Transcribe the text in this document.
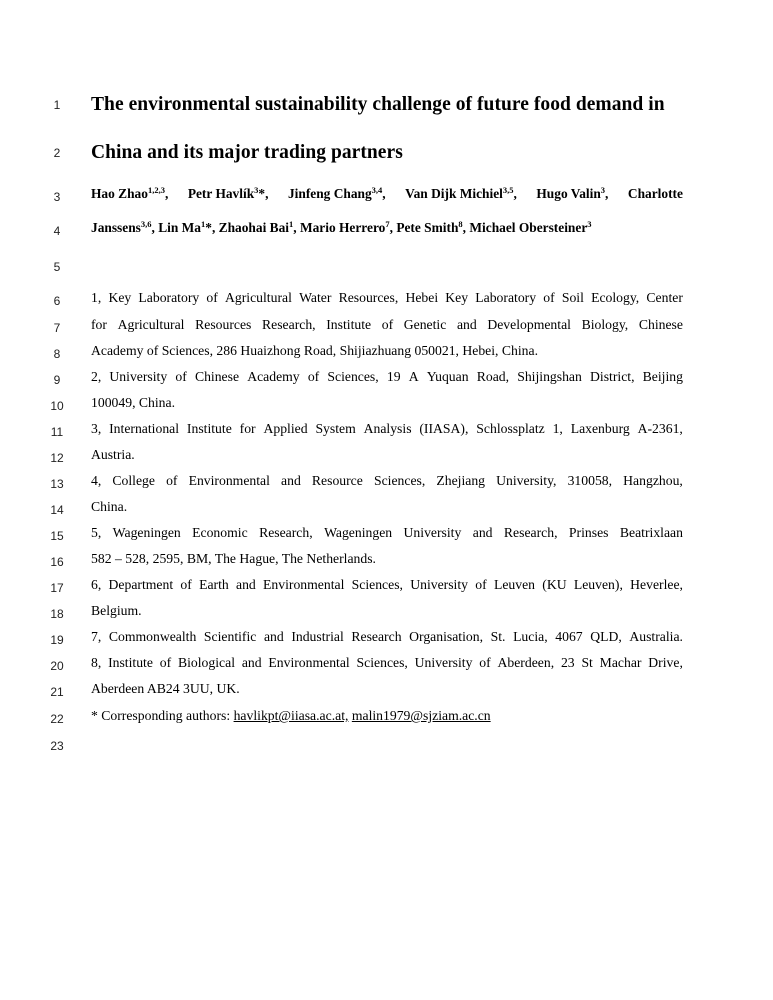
1
2
3
4
5
6
7
8
9
10
11
12
13
14
15
16
17
18
19
20
21
22
23
The environmental sustainability challenge of future food demand in
China and its major trading partners
Hao Zhao$^{1,2,3}$, Petr Havlík$^3$*, Jinfeng Chang$^{3,4}$, Van Dijk Michiel$^{3,5}$, Hugo Valin$^3$, Charlotte
Janssens$^{3,6}$, Lin Ma$^1$*, Zhaohai Bai$^1$, Mario Herrero$^7$, Pete Smith$^8$, Michael Obersteiner$^3$
1, Key Laboratory of Agricultural Water Resources, Hebei Key Laboratory of Soil Ecology, Center
for Agricultural Resources Research, Institute of Genetic and Developmental Biology, Chinese
Academy of Sciences, 286 Huaizhong Road, Shijiazhuang 050021, Hebei, China.
2, University of Chinese Academy of Sciences, 19 A Yuquan Road, Shijingshan District, Beijing
100049, China.
3, International Institute for Applied System Analysis (IIASA), Schlossplatz 1, Laxenburg A-2361,
Austria.
4, College of Environmental and Resource Sciences, Zhejiang University, 310058, Hangzhou,
China.
5, Wageningen Economic Research, Wageningen University and Research, Prinses Beatrixlaan
582 – 528, 2595, BM, The Hague, The Netherlands.
6, Department of Earth and Environmental Sciences, University of Leuven (KU Leuven), Heverlee,
Belgium.
7, Commonwealth Scientific and Industrial Research Organisation, St. Lucia, 4067 QLD, Australia.
8, Institute of Biological and Environmental Sciences, University of Aberdeen, 23 St Machar Drive,
Aberdeen AB24 3UU, UK.
* Corresponding authors: havlikpt@iiasa.ac.at, malin1979@sjziam.ac.cn
